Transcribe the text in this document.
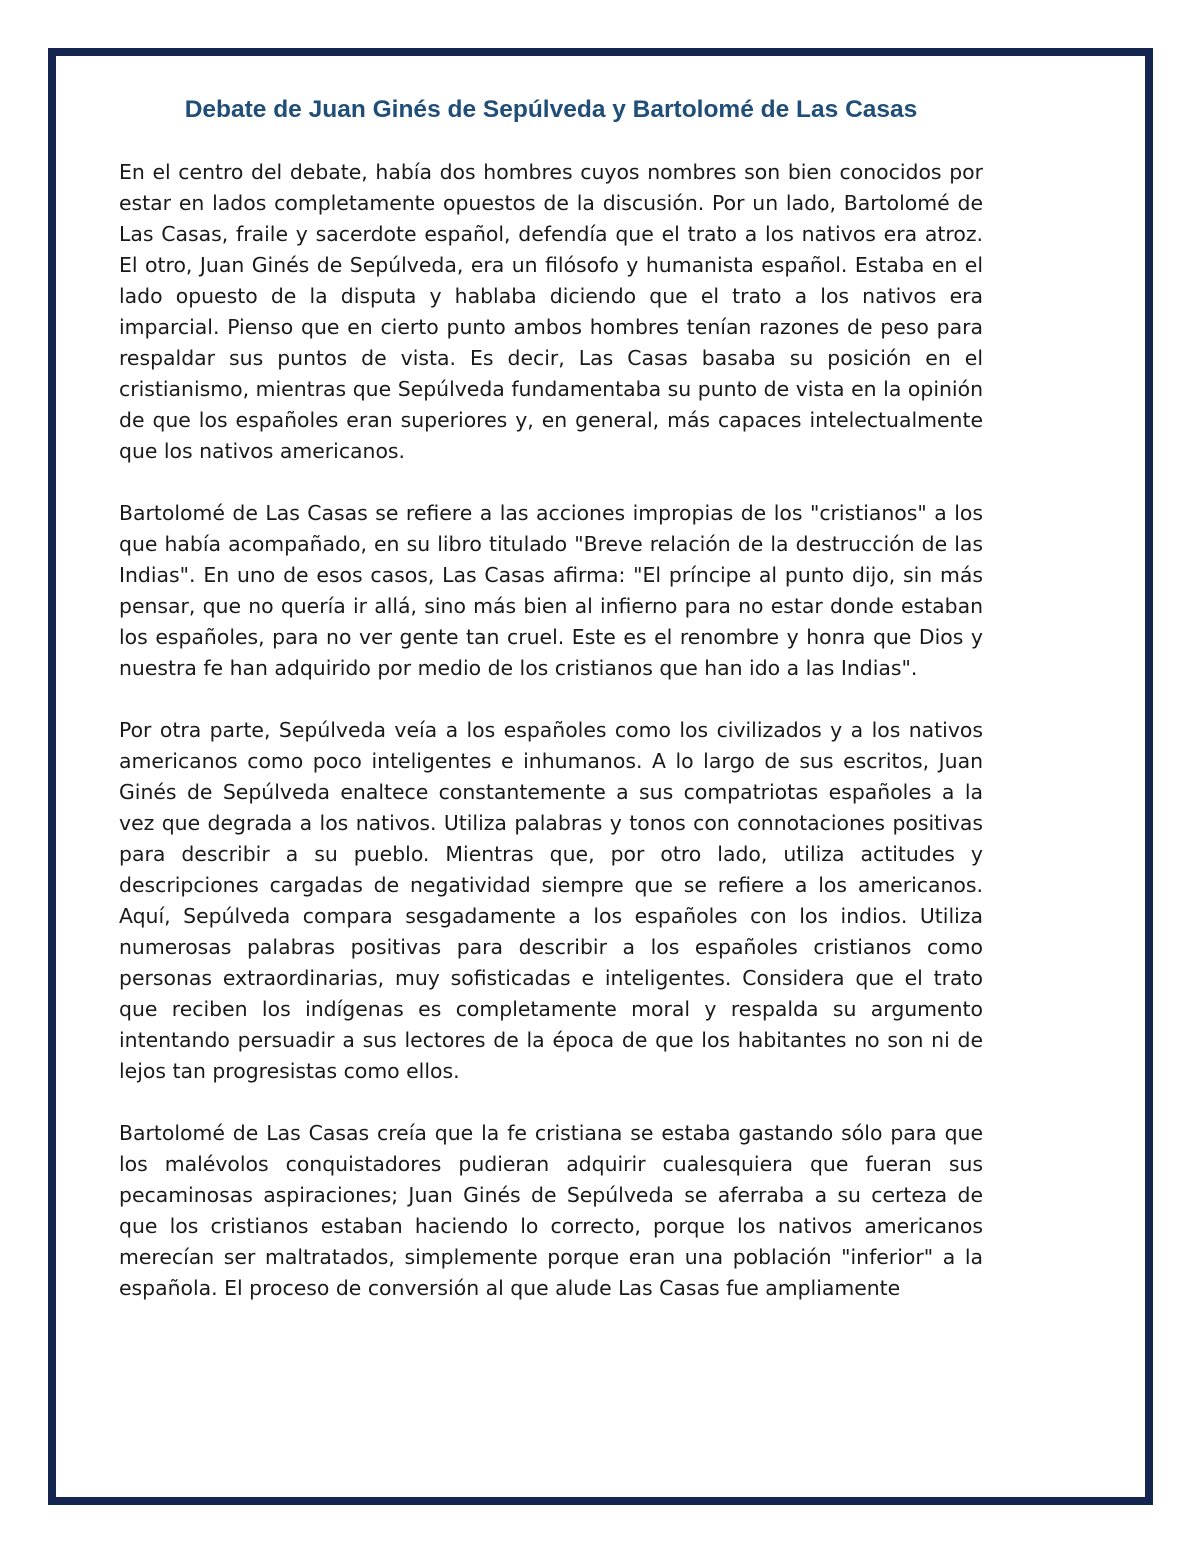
Debate de Juan Ginés de Sepúlveda y Bartolomé de Las Casas

En el centro del debate, había dos hombres cuyos nombres son bien conocidos por estar en lados completamente opuestos de la discusión. Por un lado, Bartolomé de Las Casas, fraile y sacerdote español, defendía que el trato a los nativos era atroz. El otro, Juan Ginés de Sepúlveda, era un filósofo y humanista español. Estaba en el lado opuesto de la disputa y hablaba diciendo que el trato a los nativos era imparcial. Pienso que en cierto punto ambos hombres tenían razones de peso para respaldar sus puntos de vista. Es decir, Las Casas basaba su posición en el cristianismo, mientras que Sepúlveda fundamentaba su punto de vista en la opinión de que los españoles eran superiores y, en general, más capaces intelectualmente que los nativos americanos.

Bartolomé de Las Casas se refiere a las acciones impropias de los "cristianos" a los que había acompañado, en su libro titulado "Breve relación de la destrucción de las Indias". En uno de esos casos, Las Casas afirma: "El príncipe al punto dijo, sin más pensar, que no quería ir allá, sino más bien al infierno para no estar donde estaban los españoles, para no ver gente tan cruel. Este es el renombre y honra que Dios y nuestra fe han adquirido por medio de los cristianos que han ido a las Indias".

Por otra parte, Sepúlveda veía a los españoles como los civilizados y a los nativos americanos como poco inteligentes e inhumanos. A lo largo de sus escritos, Juan Ginés de Sepúlveda enaltece constantemente a sus compatriotas españoles a la vez que degrada a los nativos. Utiliza palabras y tonos con connotaciones positivas para describir a su pueblo. Mientras que, por otro lado, utiliza actitudes y descripciones cargadas de negatividad siempre que se refiere a los americanos. Aquí, Sepúlveda compara sesgadamente a los españoles con los indios. Utiliza numerosas palabras positivas para describir a los españoles cristianos como personas extraordinarias, muy sofisticadas e inteligentes. Considera que el trato que reciben los indígenas es completamente moral y respalda su argumento intentando persuadir a sus lectores de la época de que los habitantes no son ni de lejos tan progresistas como ellos.

Bartolomé de Las Casas creía que la fe cristiana se estaba gastando sólo para que los malévolos conquistadores pudieran adquirir cualesquiera que fueran sus pecaminosas aspiraciones; Juan Ginés de Sepúlveda se aferraba a su certeza de que los cristianos estaban haciendo lo correcto, porque los nativos americanos merecían ser maltratados, simplemente porque eran una población "inferior" a la española. El proceso de conversión al que alude Las Casas fue ampliamente
